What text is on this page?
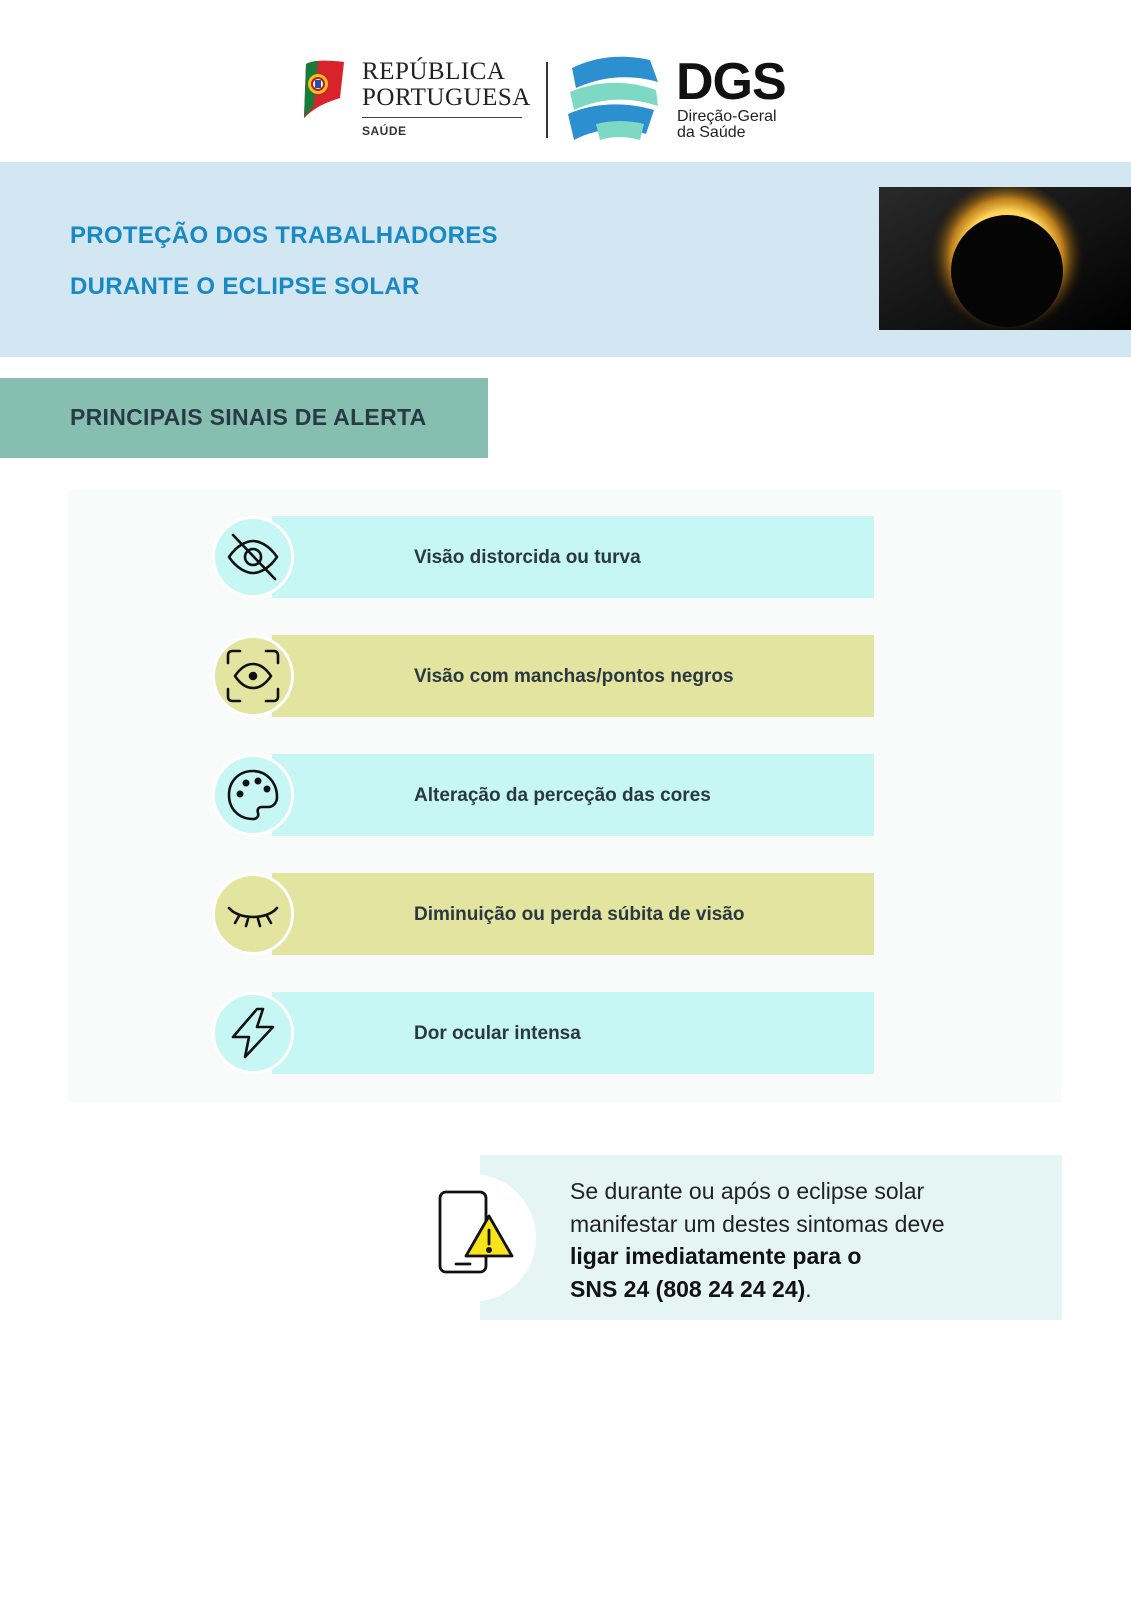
REPÚBLICA
PORTUGUESA
SAÚDE
DGS
Direção-Geral
da Saúde
PROTEÇÃO DOS TRABALHADORES
DURANTE O ECLIPSE SOLAR
PRINCIPAIS SINAIS DE ALERTA
Visão distorcida ou turva
Visão com manchas/pontos negros
Alteração da perceção das cores
Diminuição ou perda súbita de visão
Dor ocular intensa
Se durante ou após o eclipse solar
manifestar um destes sintomas deve
ligar imediatamente para o
SNS 24 (808 24 24 24).
